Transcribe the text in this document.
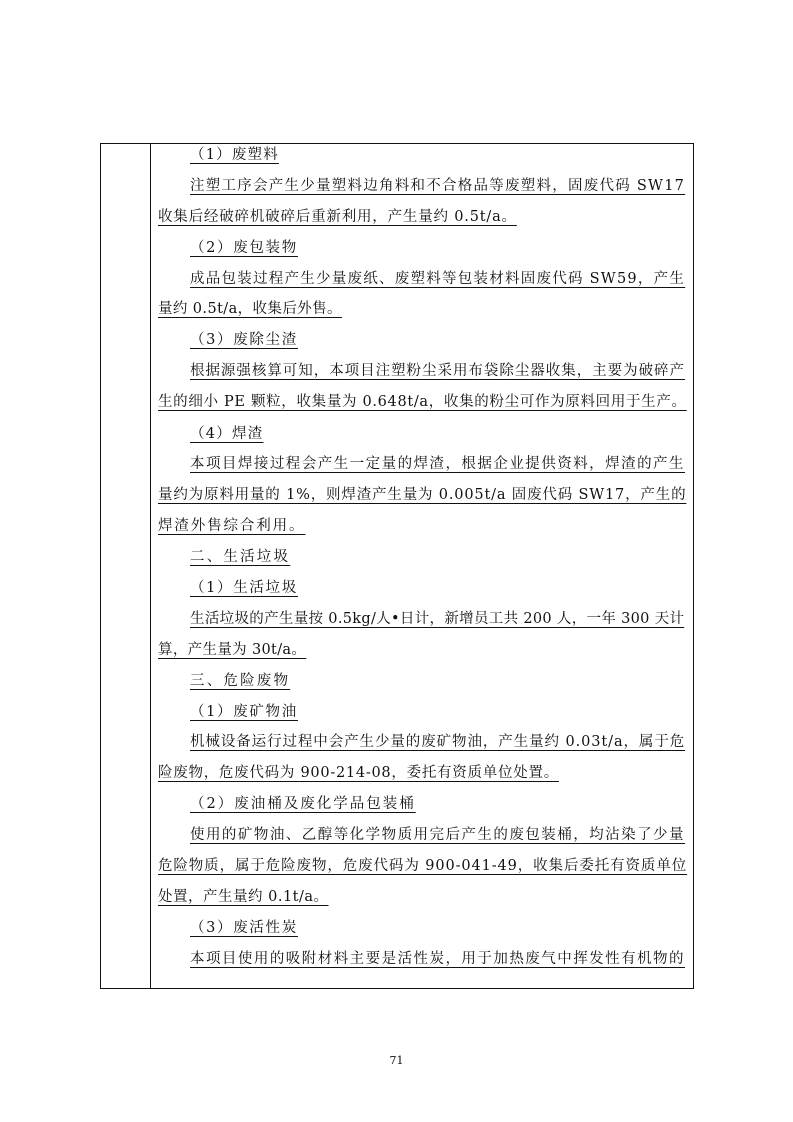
（1）废塑料
注塑工序会产生少量塑料边角料和不合格品等废塑料，固废代码 SW17
收集后经破碎机破碎后重新利用，产生量约 0.5t/a。
（2）废包装物
成品包装过程产生少量废纸、废塑料等包装材料固废代码 SW59，产生
量约 0.5t/a，收集后外售。
（3）废除尘渣
根据源强核算可知，本项目注塑粉尘采用布袋除尘器收集，主要为破碎产
生的细小 PE 颗粒，收集量为 0.648t/a，收集的粉尘可作为原料回用于生产。
（4）焊渣
本项目焊接过程会产生一定量的焊渣，根据企业提供资料，焊渣的产生
量约为原料用量的 1%，则焊渣产生量为 0.005t/a 固废代码 SW17，产生的
焊渣外售综合利用。
二、生活垃圾
（1）生活垃圾
生活垃圾的产生量按 0.5kg/人•日计，新增员工共 200 人，一年 300 天计
算，产生量为 30t/a。
三、危险废物
（1）废矿物油
机械设备运行过程中会产生少量的废矿物油，产生量约 0.03t/a，属于危
险废物，危废代码为 900-214-08，委托有资质单位处置。
（2）废油桶及废化学品包装桶
使用的矿物油、乙醇等化学物质用完后产生的废包装桶，均沾染了少量
危险物质，属于危险废物，危废代码为 900-041-49，收集后委托有资质单位
处置，产生量约 0.1t/a。
（3）废活性炭
本项目使用的吸附材料主要是活性炭，用于加热废气中挥发性有机物的
71
